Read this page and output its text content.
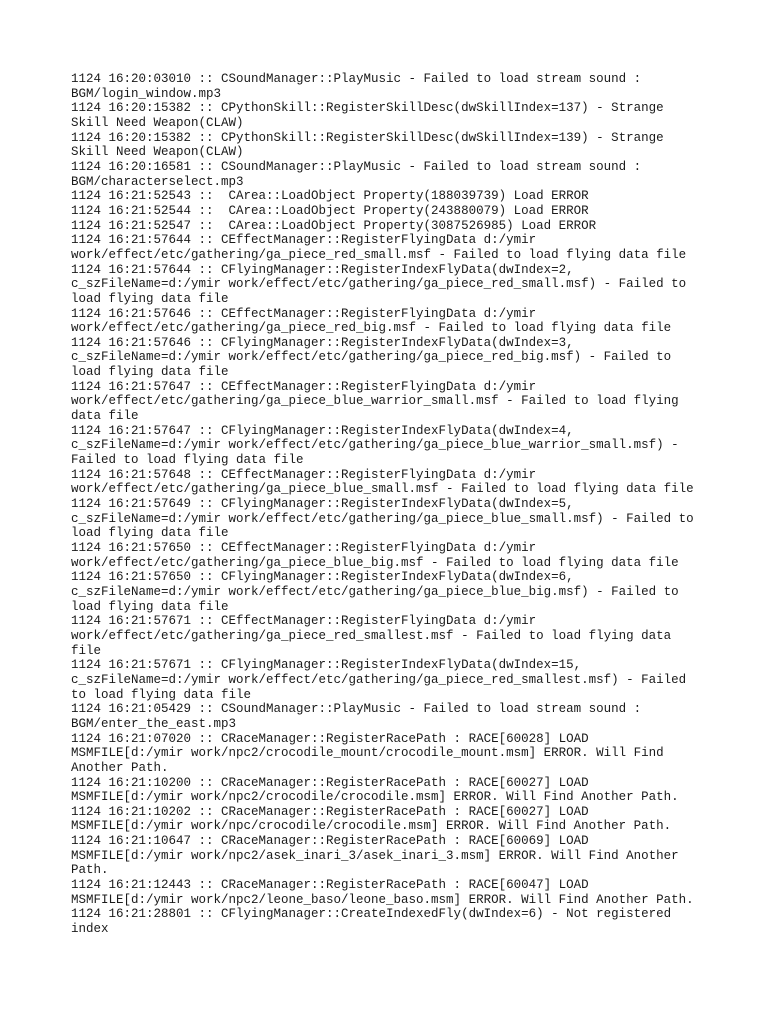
1124 16:20:03010 :: CSoundManager::PlayMusic - Failed to load stream sound :
BGM/login_window.mp3
1124 16:20:15382 :: CPythonSkill::RegisterSkillDesc(dwSkillIndex=137) - Strange
Skill Need Weapon(CLAW)
1124 16:20:15382 :: CPythonSkill::RegisterSkillDesc(dwSkillIndex=139) - Strange
Skill Need Weapon(CLAW)
1124 16:20:16581 :: CSoundManager::PlayMusic - Failed to load stream sound :
BGM/characterselect.mp3
1124 16:21:52543 ::  CArea::LoadObject Property(188039739) Load ERROR
1124 16:21:52544 ::  CArea::LoadObject Property(243880079) Load ERROR
1124 16:21:52547 ::  CArea::LoadObject Property(3087526985) Load ERROR
1124 16:21:57644 :: CEffectManager::RegisterFlyingData d:/ymir
work/effect/etc/gathering/ga_piece_red_small.msf - Failed to load flying data file
1124 16:21:57644 :: CFlyingManager::RegisterIndexFlyData(dwIndex=2,
c_szFileName=d:/ymir work/effect/etc/gathering/ga_piece_red_small.msf) - Failed to
load flying data file
1124 16:21:57646 :: CEffectManager::RegisterFlyingData d:/ymir
work/effect/etc/gathering/ga_piece_red_big.msf - Failed to load flying data file
1124 16:21:57646 :: CFlyingManager::RegisterIndexFlyData(dwIndex=3,
c_szFileName=d:/ymir work/effect/etc/gathering/ga_piece_red_big.msf) - Failed to
load flying data file
1124 16:21:57647 :: CEffectManager::RegisterFlyingData d:/ymir
work/effect/etc/gathering/ga_piece_blue_warrior_small.msf - Failed to load flying
data file
1124 16:21:57647 :: CFlyingManager::RegisterIndexFlyData(dwIndex=4,
c_szFileName=d:/ymir work/effect/etc/gathering/ga_piece_blue_warrior_small.msf) -
Failed to load flying data file
1124 16:21:57648 :: CEffectManager::RegisterFlyingData d:/ymir
work/effect/etc/gathering/ga_piece_blue_small.msf - Failed to load flying data file
1124 16:21:57649 :: CFlyingManager::RegisterIndexFlyData(dwIndex=5,
c_szFileName=d:/ymir work/effect/etc/gathering/ga_piece_blue_small.msf) - Failed to
load flying data file
1124 16:21:57650 :: CEffectManager::RegisterFlyingData d:/ymir
work/effect/etc/gathering/ga_piece_blue_big.msf - Failed to load flying data file
1124 16:21:57650 :: CFlyingManager::RegisterIndexFlyData(dwIndex=6,
c_szFileName=d:/ymir work/effect/etc/gathering/ga_piece_blue_big.msf) - Failed to
load flying data file
1124 16:21:57671 :: CEffectManager::RegisterFlyingData d:/ymir
work/effect/etc/gathering/ga_piece_red_smallest.msf - Failed to load flying data
file
1124 16:21:57671 :: CFlyingManager::RegisterIndexFlyData(dwIndex=15,
c_szFileName=d:/ymir work/effect/etc/gathering/ga_piece_red_smallest.msf) - Failed
to load flying data file
1124 16:21:05429 :: CSoundManager::PlayMusic - Failed to load stream sound :
BGM/enter_the_east.mp3
1124 16:21:07020 :: CRaceManager::RegisterRacePath : RACE[60028] LOAD
MSMFILE[d:/ymir work/npc2/crocodile_mount/crocodile_mount.msm] ERROR. Will Find
Another Path.
1124 16:21:10200 :: CRaceManager::RegisterRacePath : RACE[60027] LOAD
MSMFILE[d:/ymir work/npc2/crocodile/crocodile.msm] ERROR. Will Find Another Path.
1124 16:21:10202 :: CRaceManager::RegisterRacePath : RACE[60027] LOAD
MSMFILE[d:/ymir work/npc/crocodile/crocodile.msm] ERROR. Will Find Another Path.
1124 16:21:10647 :: CRaceManager::RegisterRacePath : RACE[60069] LOAD
MSMFILE[d:/ymir work/npc2/asek_inari_3/asek_inari_3.msm] ERROR. Will Find Another
Path.
1124 16:21:12443 :: CRaceManager::RegisterRacePath : RACE[60047] LOAD
MSMFILE[d:/ymir work/npc2/leone_baso/leone_baso.msm] ERROR. Will Find Another Path.
1124 16:21:28801 :: CFlyingManager::CreateIndexedFly(dwIndex=6) - Not registered
index
